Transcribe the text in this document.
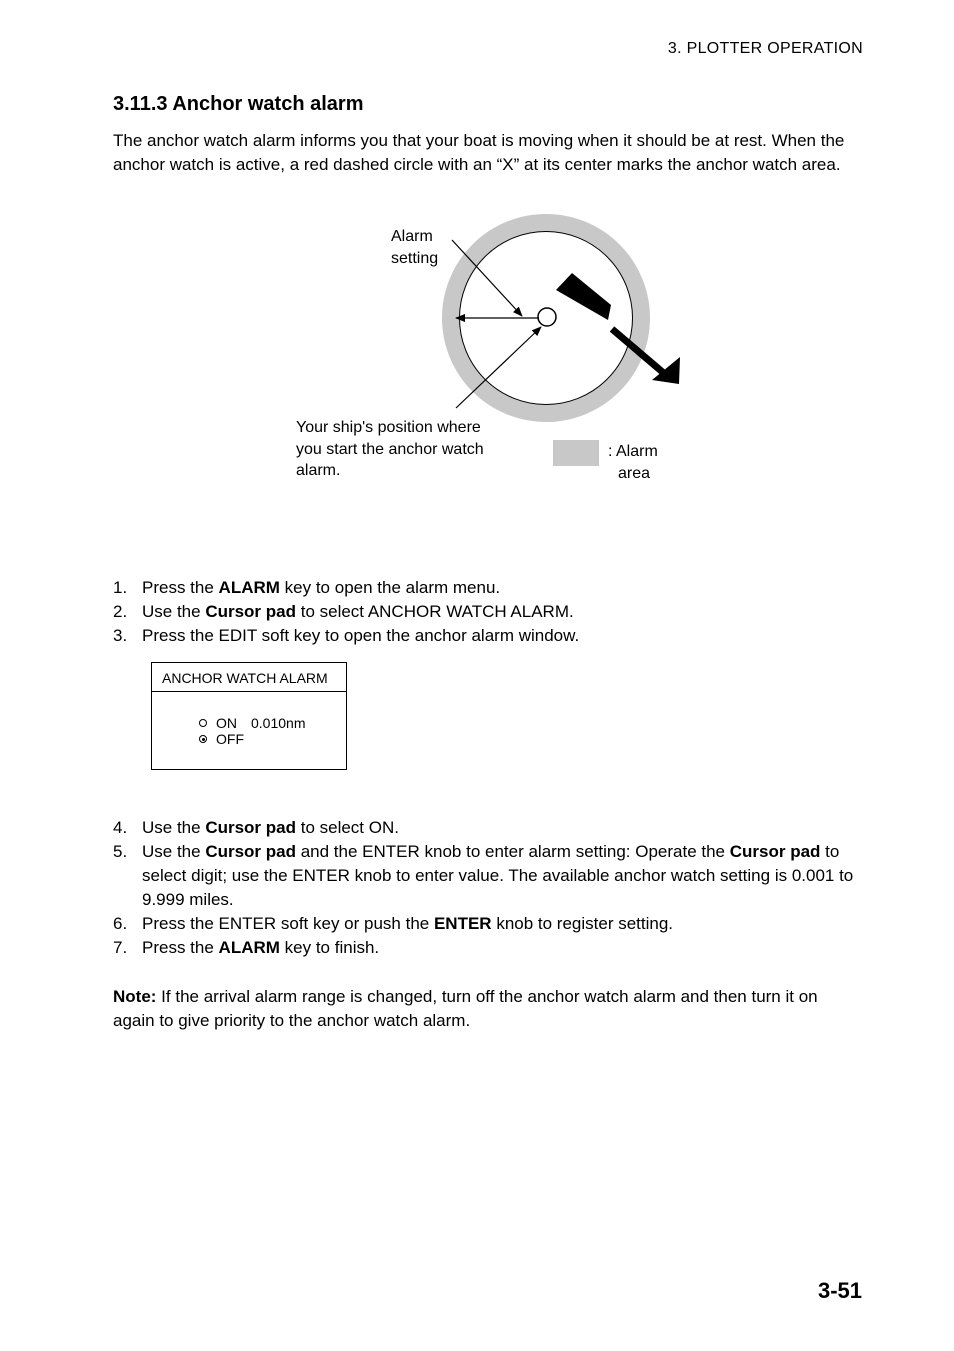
3. PLOTTER OPERATION
3.11.3 Anchor watch alarm

The anchor watch alarm informs you that your boat is moving when it should be at rest. When the anchor watch is active, a red dashed circle with an “X” at its center marks the anchor watch area.

Alarm
setting
Your ship's position where
you start the anchor watch
alarm.
: Alarm
area
1. Press the ALARM key to open the alarm menu.
2. Use the Cursor pad to select ANCHOR WATCH ALARM.
3. Press the EDIT soft key to open the anchor alarm window.
ANCHOR WATCH ALARM
ON 0.010nm
OFF
4. Use the Cursor pad to select ON.
5. Use the Cursor pad and the ENTER knob to enter alarm setting: Operate the Cursor pad to select digit; use the ENTER knob to enter value. The available anchor watch setting is 0.001 to 9.999 miles.
6. Press the ENTER soft key or push the ENTER knob to register setting.
7. Press the ALARM key to finish.

Note: If the arrival alarm range is changed, turn off the anchor watch alarm and then turn it on again to give priority to the anchor watch alarm.

3-51
